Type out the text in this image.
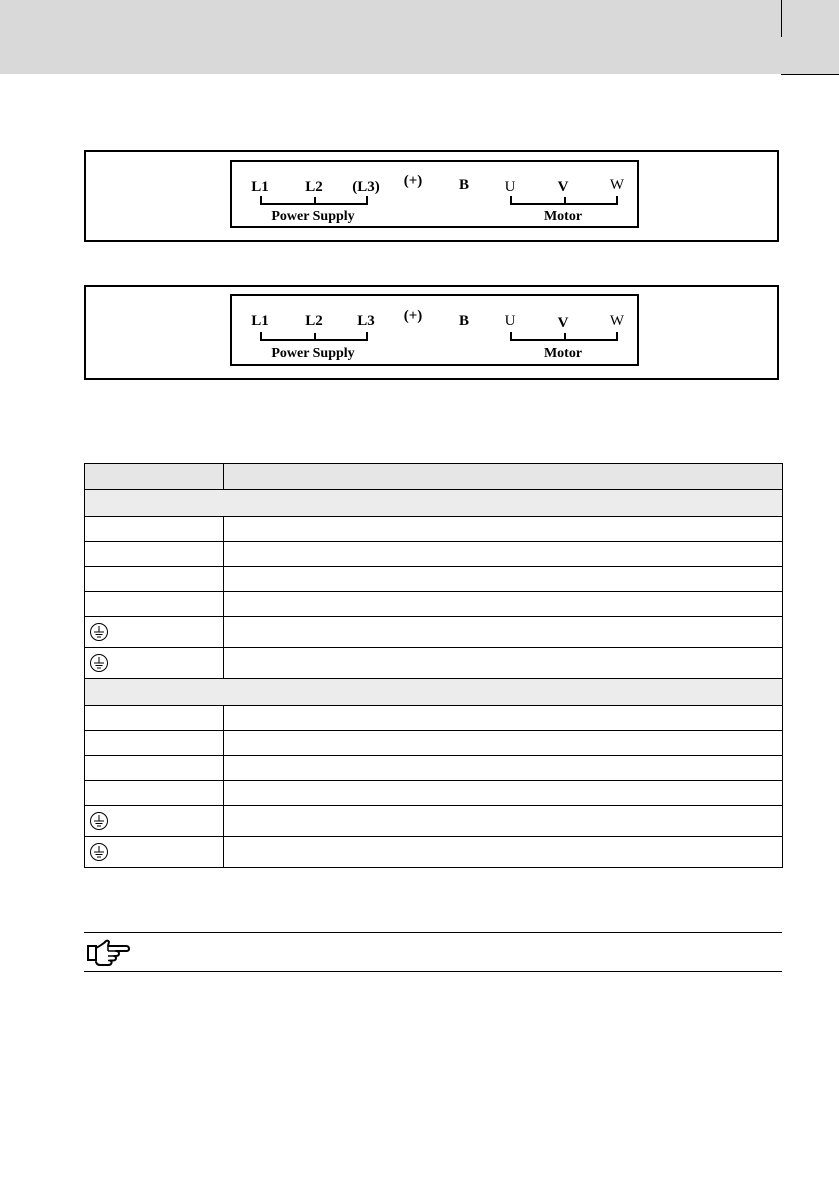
L1 L2 (L3) (+) B U	V	W
Power Supply	Motor
L1 L2 L3 (+) B U	V	W
Power Supply	Motor
